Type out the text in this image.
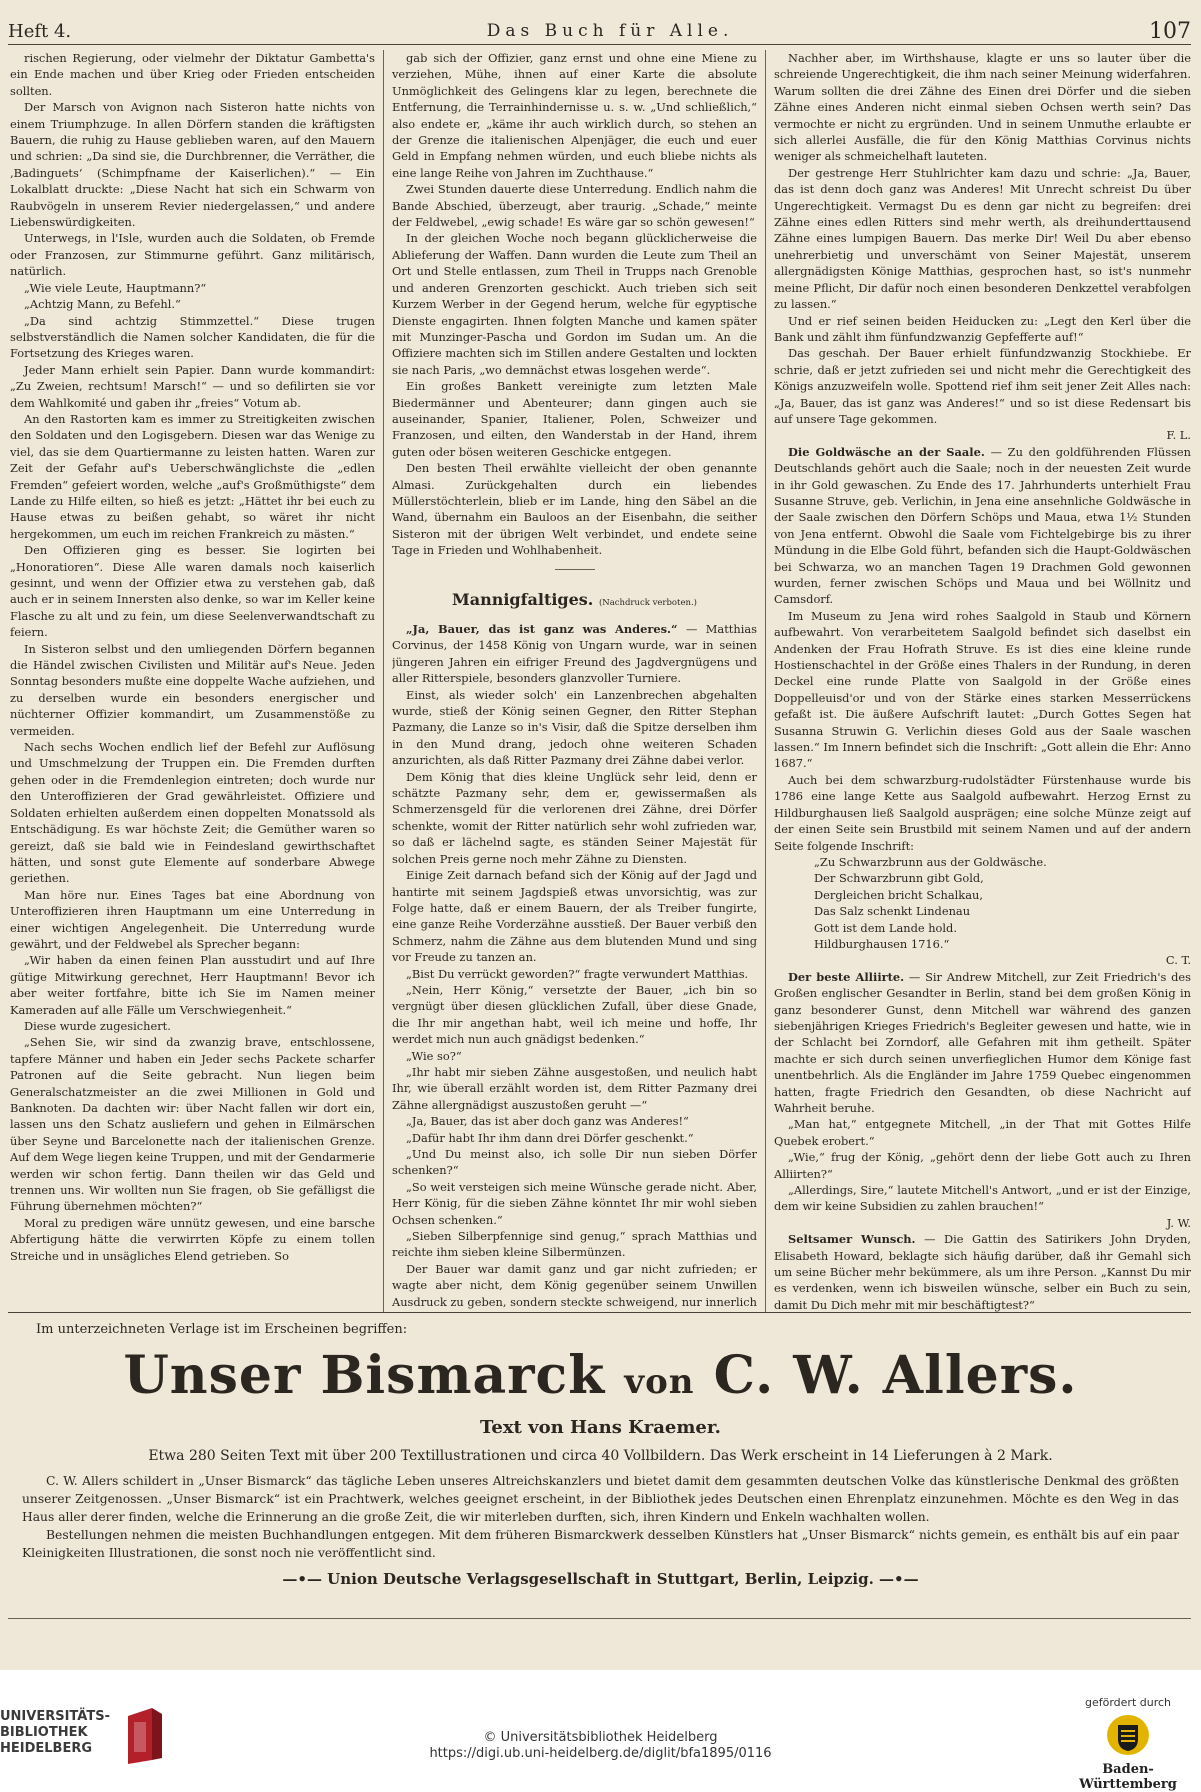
Heft 4.	Das Buch für Alle.	107

rischen Regierung, oder vielmehr der Diktatur Gambetta's ein Ende machen und über Krieg oder Frieden entscheiden sollten.

Der Marsch von Avignon nach Sisteron hatte nichts von einem Triumphzuge. In allen Dörfern standen die kräftigsten Bauern, die ruhig zu Hause geblieben waren, auf den Mauern und schrien: „Da sind sie, die Durchbrenner, die Verräther, die ‚Badinguets‘ (Schimpfname der Kaiserlichen).“ — Ein Lokalblatt druckte: „Diese Nacht hat sich ein Schwarm von Raubvögeln in unserem Revier niedergelassen,“ und andere Liebenswürdigkeiten.

Unterwegs, in l'Isle, wurden auch die Soldaten, ob Fremde oder Franzosen, zur Stimmurne geführt. Ganz militärisch, natürlich.

„Wie viele Leute, Hauptmann?“

„Achtzig Mann, zu Befehl.“

„Da sind achtzig Stimmzettel.“ Diese trugen selbstverständlich die Namen solcher Kandidaten, die für die Fortsetzung des Krieges waren.

Jeder Mann erhielt sein Papier. Dann wurde kommandirt: „Zu Zweien, rechtsum! Marsch!“ — und so defilirten sie vor dem Wahlkomité und gaben ihr „freies“ Votum ab.

An den Rastorten kam es immer zu Streitigkeiten zwischen den Soldaten und den Logisgebern. Diesen war das Wenige zu viel, das sie dem Quartiermanne zu leisten hatten. Waren zur Zeit der Gefahr auf's Ueberschwänglichste die „edlen Fremden“ gefeiert worden, welche „auf's Großmüthigste“ dem Lande zu Hilfe eilten, so hieß es jetzt: „Hättet ihr bei euch zu Hause etwas zu beißen gehabt, so wäret ihr nicht hergekommen, um euch im reichen Frankreich zu mästen.“

Den Offizieren ging es besser. Sie logirten bei „Honoratioren“. Diese Alle waren damals noch kaiserlich gesinnt, und wenn der Offizier etwa zu verstehen gab, daß auch er in seinem Innersten also denke, so war im Keller keine Flasche zu alt und zu fein, um diese Seelenverwandtschaft zu feiern.

In Sisteron selbst und den umliegenden Dörfern begannen die Händel zwischen Civilisten und Militär auf's Neue. Jeden Sonntag besonders mußte eine doppelte Wache aufziehen, und zu derselben wurde ein besonders energischer und nüchterner Offizier kommandirt, um Zusammenstöße zu vermeiden.

Nach sechs Wochen endlich lief der Befehl zur Auflösung und Umschmelzung der Truppen ein. Die Fremden durften gehen oder in die Fremdenlegion eintreten; doch wurde nur den Unteroffizieren der Grad gewährleistet. Offiziere und Soldaten erhielten außerdem einen doppelten Monatssold als Entschädigung. Es war höchste Zeit; die Gemüther waren so gereizt, daß sie bald wie in Feindesland gewirthschaftet hätten, und sonst gute Elemente auf sonderbare Abwege geriethen.

Man höre nur. Eines Tages bat eine Abordnung von Unteroffizieren ihren Hauptmann um eine Unterredung in einer wichtigen Angelegenheit. Die Unterredung wurde gewährt, und der Feldwebel als Sprecher begann:

„Wir haben da einen feinen Plan ausstudirt und auf Ihre gütige Mitwirkung gerechnet, Herr Hauptmann! Bevor ich aber weiter fortfahre, bitte ich Sie im Namen meiner Kameraden auf alle Fälle um Verschwiegenheit.“

Diese wurde zugesichert.

„Sehen Sie, wir sind da zwanzig brave, entschlossene, tapfere Männer und haben ein Jeder sechs Packete scharfer Patronen auf die Seite gebracht. Nun liegen beim Generalschatzmeister an die zwei Millionen in Gold und Banknoten. Da dachten wir: über Nacht fallen wir dort ein, lassen uns den Schatz ausliefern und gehen in Eilmärschen über Seyne und Barcelonette nach der italienischen Grenze. Auf dem Wege liegen keine Truppen, und mit der Gendarmerie werden wir schon fertig. Dann theilen wir das Geld und trennen uns. Wir wollten nun Sie fragen, ob Sie gefälligst die Führung übernehmen möchten?“

Moral zu predigen wäre unnütz gewesen, und eine barsche Abfertigung hätte die verwirrten Köpfe zu einem tollen Streiche und in unsägliches Elend getrieben. So

gab sich der Offizier, ganz ernst und ohne eine Miene zu verziehen, Mühe, ihnen auf einer Karte die absolute Unmöglichkeit des Gelingens klar zu legen, berechnete die Entfernung, die Terrainhindernisse u. s. w. „Und schließlich,“ also endete er, „käme ihr auch wirklich durch, so stehen an der Grenze die italienischen Alpenjäger, die euch und euer Geld in Empfang nehmen würden, und euch bliebe nichts als eine lange Reihe von Jahren im Zuchthause.“

Zwei Stunden dauerte diese Unterredung. Endlich nahm die Bande Abschied, überzeugt, aber traurig. „Schade,“ meinte der Feldwebel, „ewig schade! Es wäre gar so schön gewesen!“

In der gleichen Woche noch begann glücklicherweise die Ablieferung der Waffen. Dann wurden die Leute zum Theil an Ort und Stelle entlassen, zum Theil in Trupps nach Grenoble und anderen Grenzorten geschickt. Auch trieben sich seit Kurzem Werber in der Gegend herum, welche für egyptische Dienste engagirten. Ihnen folgten Manche und kamen später mit Munzinger-Pascha und Gordon im Sudan um. An die Offiziere machten sich im Stillen andere Gestalten und lockten sie nach Paris, „wo demnächst etwas losgehen werde“.

Ein großes Bankett vereinigte zum letzten Male Biedermänner und Abenteurer; dann gingen auch sie auseinander, Spanier, Italiener, Polen, Schweizer und Franzosen, und eilten, den Wanderstab in der Hand, ihrem guten oder bösen weiteren Geschicke entgegen.

Den besten Theil erwählte vielleicht der oben genannte Almasi. Zurückgehalten durch ein liebendes Müllerstöchterlein, blieb er im Lande, hing den Säbel an die Wand, übernahm ein Bauloos an der Eisenbahn, die seither Sisteron mit der übrigen Welt verbindet, und endete seine Tage in Frieden und Wohlhabenheit.

Mannigfaltiges. (Nachdruck verboten.)

„Ja, Bauer, das ist ganz was Anderes.“ — Matthias Corvinus, der 1458 König von Ungarn wurde, war in seinen jüngeren Jahren ein eifriger Freund des Jagdvergnügens und aller Ritterspiele, besonders glanzvoller Turniere.

Einst, als wieder solch' ein Lanzenbrechen abgehalten wurde, stieß der König seinen Gegner, den Ritter Stephan Pazmany, die Lanze so in's Visir, daß die Spitze derselben ihm in den Mund drang, jedoch ohne weiteren Schaden anzurichten, als daß Ritter Pazmany drei Zähne dabei verlor.

Dem König that dies kleine Unglück sehr leid, denn er schätzte Pazmany sehr, dem er, gewissermaßen als Schmerzensgeld für die verlorenen drei Zähne, drei Dörfer schenkte, womit der Ritter natürlich sehr wohl zufrieden war, so daß er lächelnd sagte, es ständen Seiner Majestät für solchen Preis gerne noch mehr Zähne zu Diensten.

Einige Zeit darnach befand sich der König auf der Jagd und hantirte mit seinem Jagdspieß etwas unvorsichtig, was zur Folge hatte, daß er einem Bauern, der als Treiber fungirte, eine ganze Reihe Vorderzähne ausstieß. Der Bauer verbiß den Schmerz, nahm die Zähne aus dem blutenden Mund und sing vor Freude zu tanzen an.

„Bist Du verrückt geworden?“ fragte verwundert Matthias.

„Nein, Herr König,“ versetzte der Bauer, „ich bin so vergnügt über diesen glücklichen Zufall, über diese Gnade, die Ihr mir angethan habt, weil ich meine und hoffe, Ihr werdet mich nun auch gnädigst bedenken.“

„Wie so?“

„Ihr habt mir sieben Zähne ausgestoßen, und neulich habt Ihr, wie überall erzählt worden ist, dem Ritter Pazmany drei Zähne allergnädigst auszustoßen geruht —“

„Ja, Bauer, das ist aber doch ganz was Anderes!“

„Dafür habt Ihr ihm dann drei Dörfer geschenkt.“

„Und Du meinst also, ich solle Dir nun sieben Dörfer schenken?“

„So weit versteigen sich meine Wünsche gerade nicht. Aber, Herr König, für die sieben Zähne könntet Ihr mir wohl sieben Ochsen schenken.“

„Sieben Silberpfennige sind genug,“ sprach Matthias und reichte ihm sieben kleine Silbermünzen.

Der Bauer war damit ganz und gar nicht zufrieden; er wagte aber nicht, dem König gegenüber seinem Unwillen Ausdruck zu geben, sondern steckte schweigend, nur innerlich

Nachher aber, im Wirthshause, klagte er uns so lauter über die schreiende Ungerechtigkeit, die ihm nach seiner Meinung widerfahren. Warum sollten die drei Zähne des Einen drei Dörfer und die sieben Zähne eines Anderen nicht einmal sieben Ochsen werth sein? Das vermochte er nicht zu ergründen. Und in seinem Unmuthe erlaubte er sich allerlei Ausfälle, die für den König Matthias Corvinus nichts weniger als schmeichelhaft lauteten.

Der gestrenge Herr Stuhlrichter kam dazu und schrie: „Ja, Bauer, das ist denn doch ganz was Anderes! Mit Unrecht schreist Du über Ungerechtigkeit. Vermagst Du es denn gar nicht zu begreifen: drei Zähne eines edlen Ritters sind mehr werth, als dreihunderttausend Zähne eines lumpigen Bauern. Das merke Dir! Weil Du aber ebenso unehrerbietig und unverschämt von Seiner Majestät, unserem allergnädigsten Könige Matthias, gesprochen hast, so ist's nunmehr meine Pflicht, Dir dafür noch einen besonderen Denkzettel verabfolgen zu lassen.“

Und er rief seinen beiden Heiducken zu: „Legt den Kerl über die Bank und zählt ihm fünfundzwanzig Gepfefferte auf!“

Das geschah. Der Bauer erhielt fünfundzwanzig Stockhiebe. Er schrie, daß er jetzt zufrieden sei und nicht mehr die Gerechtigkeit des Königs anzuzweifeln wolle. Spottend rief ihm seit jener Zeit Alles nach: „Ja, Bauer, das ist ganz was Anderes!“ und so ist diese Redensart bis auf unsere Tage gekommen.

F. L.

Die Goldwäsche an der Saale. — Zu den goldführenden Flüssen Deutschlands gehört auch die Saale; noch in der neuesten Zeit wurde in ihr Gold gewaschen. Zu Ende des 17. Jahrhunderts unterhielt Frau Susanne Struve, geb. Verlichin, in Jena eine ansehnliche Goldwäsche in der Saale zwischen den Dörfern Schöps und Maua, etwa 1½ Stunden von Jena entfernt. Obwohl die Saale vom Fichtelgebirge bis zu ihrer Mündung in die Elbe Gold führt, befanden sich die Haupt-Goldwäschen bei Schwarza, wo an manchen Tagen 19 Drachmen Gold gewonnen wurden, ferner zwischen Schöps und Maua und bei Wöllnitz und Camsdorf.

Im Museum zu Jena wird rohes Saalgold in Staub und Körnern aufbewahrt. Von verarbeitetem Saalgold befindet sich daselbst ein Andenken der Frau Hofrath Struve. Es ist dies eine kleine runde Hostienschachtel in der Größe eines Thalers in der Rundung, in deren Deckel eine runde Platte von Saalgold in der Größe eines Doppelleuisd'or und von der Stärke eines starken Messerrückens gefaßt ist. Die äußere Aufschrift lautet: „Durch Gottes Segen hat Susanna Struwin G. Verlichin dieses Gold aus der Saale waschen lassen.“ Im Innern befindet sich die Inschrift: „Gott allein die Ehr: Anno 1687.“

Auch bei dem schwarzburg-rudolstädter Fürstenhause wurde bis 1786 eine lange Kette aus Saalgold aufbewahrt. Herzog Ernst zu Hildburghausen ließ Saalgold ausprägen; eine solche Münze zeigt auf der einen Seite sein Brustbild mit seinem Namen und auf der andern Seite folgende Inschrift:

„Zu Schwarzbrunn aus der Goldwäsche.

Der Schwarzbrunn gibt Gold,

Dergleichen bricht Schalkau,

Das Salz schenkt Lindenau

Gott ist dem Lande hold.

Hildburghausen 1716.“

C. T.

Der beste Alliirte. — Sir Andrew Mitchell, zur Zeit Friedrich's des Großen englischer Gesandter in Berlin, stand bei dem großen König in ganz besonderer Gunst, denn Mitchell war während des ganzen siebenjährigen Krieges Friedrich's Begleiter gewesen und hatte, wie in der Schlacht bei Zorndorf, alle Gefahren mit ihm getheilt. Später machte er sich durch seinen unverfieglichen Humor dem Könige fast unentbehrlich. Als die Engländer im Jahre 1759 Quebec eingenommen hatten, fragte Friedrich den Gesandten, ob diese Nachricht auf Wahrheit beruhe.

„Man hat,“ entgegnete Mitchell, „in der That mit Gottes Hilfe Quebek erobert.“

„Wie,“ frug der König, „gehört denn der liebe Gott auch zu Ihren Alliirten?“

„Allerdings, Sire,“ lautete Mitchell's Antwort, „und er ist der Einzige, dem wir keine Subsidien zu zahlen brauchen!“

J. W.

Seltsamer Wunsch. — Die Gattin des Satirikers John Dryden, Elisabeth Howard, beklagte sich häufig darüber, daß ihr Gemahl sich um seine Bücher mehr bekümmere, als um ihre Person. „Kannst Du mir es verdenken, wenn ich bisweilen wünsche, selber ein Buch zu sein, damit Du Dich mehr mit mir beschäftigtest?“

Im unterzeichneten Verlage ist im Erscheinen begriffen:
Unser Bismarck von C. W. Allers.
Text von Hans Kraemer.
Etwa 280 Seiten Text mit über 200 Textillustrationen und circa 40 Vollbildern. Das Werk erscheint in 14 Lieferungen à 2 Mark.

C. W. Allers schildert in „Unser Bismarck“ das tägliche Leben unseres Altreichskanzlers und bietet damit dem gesammten deutschen Volke das künstlerische Denkmal des größten unserer Zeitgenossen. „Unser Bismarck“ ist ein Prachtwerk, welches geeignet erscheint, in der Bibliothek jedes Deutschen einen Ehrenplatz einzunehmen. Möchte es den Weg in das Haus aller derer finden, welche die Erinnerung an die große Zeit, die wir miterleben durften, sich, ihren Kindern und Enkeln wachhalten wollen.

Bestellungen nehmen die meisten Buchhandlungen entgegen. Mit dem früheren Bismarckwerk desselben Künstlers hat „Unser Bismarck“ nichts gemein, es enthält bis auf ein paar Kleinigkeiten Illustrationen, die sonst noch nie veröffentlicht sind.

—•— Union Deutsche Verlagsgesellschaft in Stuttgart, Berlin, Leipzig. —•—
UNIVERSITÄTS-
BIBLIOTHEK
HEIDELBERG
© Universitätsbibliothek Heidelberg
https://digi.ub.uni-heidelberg.de/diglit/bfa1895/0116
gefördert durch
Baden-Württemberg
